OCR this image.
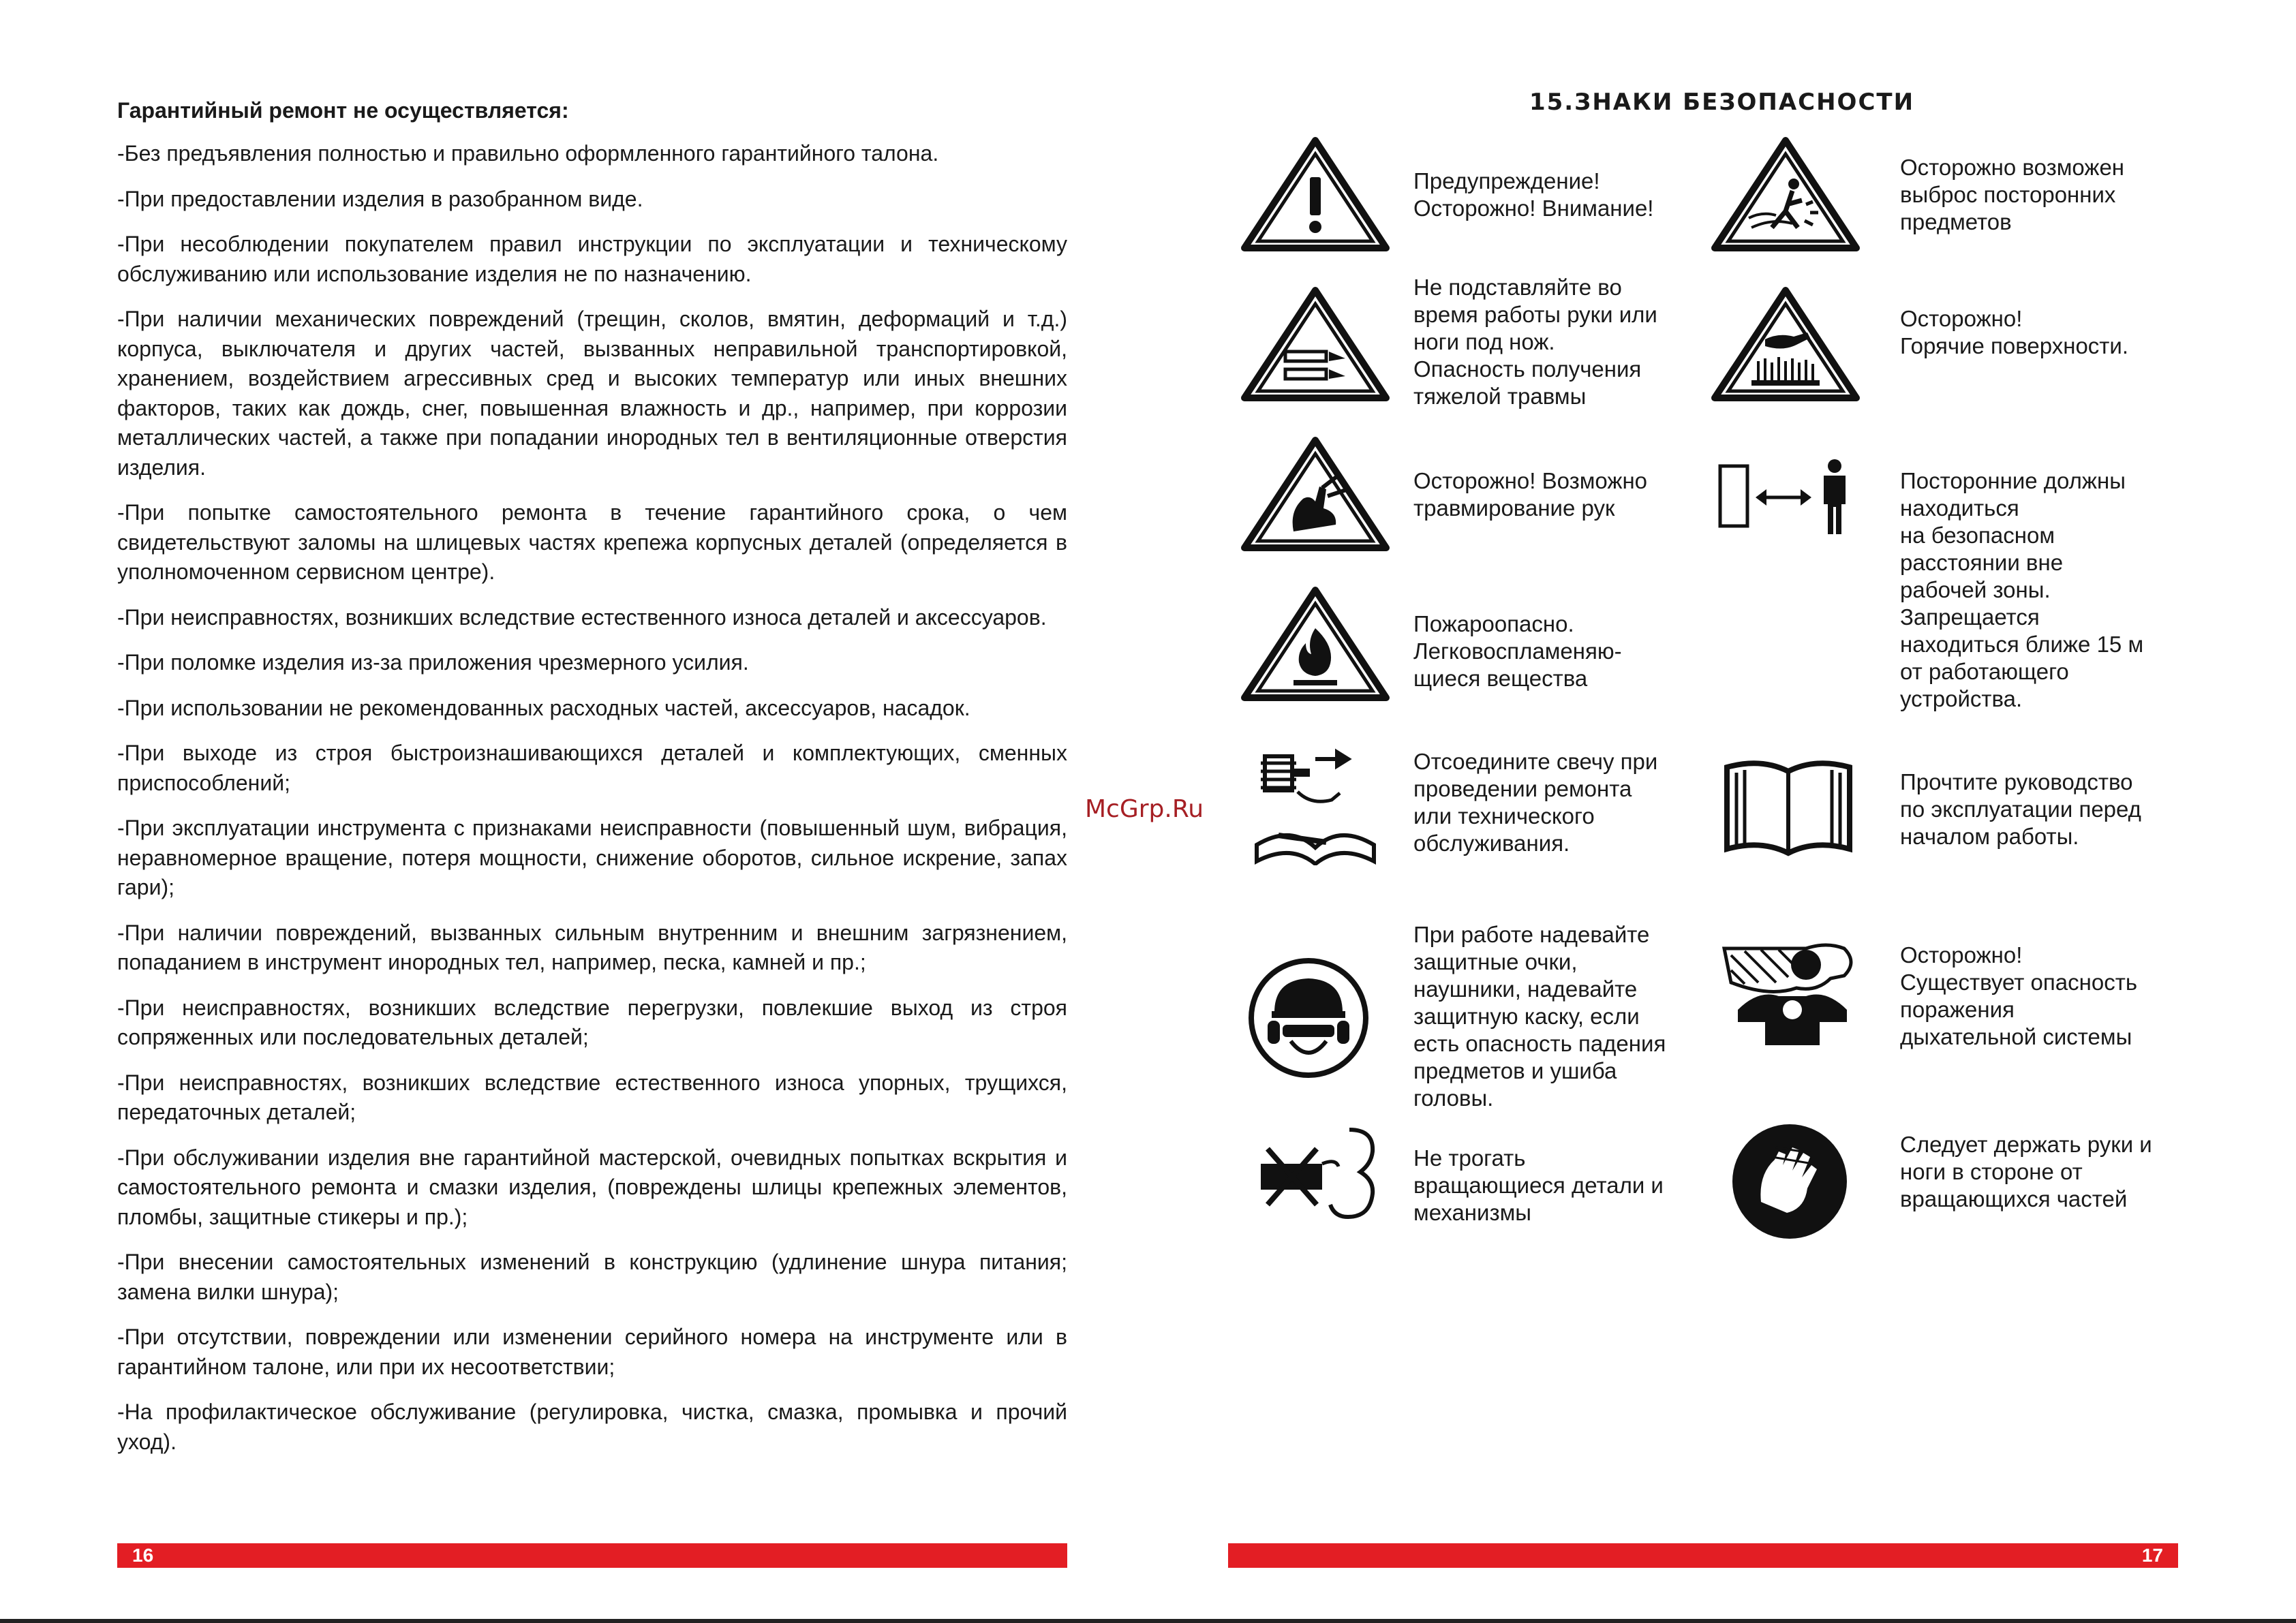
Гарантийный ремонт не осуществляется:
-Без предъявления полностью и правильно оформленного гарантийного талона.
-При предоставлении изделия в разобранном виде.
-При несоблюдении покупателем правил инструкции по эксплуатации и техническому обслуживанию или использование изделия не по назначению.
-При наличии механических повреждений (трещин, сколов, вмятин, деформаций и т.д.) корпуса, выключателя и других частей, вызванных неправильной транспортировкой, хранением, воздействием агрессивных сред и высоких температур или иных внешних факторов, таких как дождь, снег, повышенная влажность и др., например, при коррозии металлических частей, а также при попадании инородных тел в вентиляционные отверстия изделия.
-При попытке самостоятельного ремонта в течение гарантийного срока, о чем свидетельствуют заломы на шлицевых частях крепежа корпусных деталей (определяется в уполномоченном сервисном центре).
-При неисправностях, возникших вследствие естественного износа деталей и аксессуаров.
-При поломке изделия из-за приложения чрезмерного усилия.
-При использовании не рекомендованных расходных частей, аксессуаров, насадок.
-При выходе из строя быстроизнашивающихся деталей и комплектующих, сменных приспособлений;
-При эксплуатации инструмента с признаками неисправности (повышенный шум, вибрация, неравномерное вращение, потеря мощности, снижение оборотов, сильное искрение, запах гари);
-При наличии повреждений, вызванных сильным внутренним и внешним загрязнением, попаданием в инструмент инородных тел, например, песка, камней и пр.;
-При неисправностях, возникших вследствие перегрузки, повлекшие выход из строя сопряженных или последовательных деталей;
-При неисправностях, возникших вследствие естественного износа упорных, трущихся, передаточных деталей;
-При обслуживании изделия вне гарантийной мастерской, очевидных попытках вскрытия и самостоятельного ремонта и смазки изделия, (повреждены шлицы крепежных элементов, пломбы, защитные стикеры и пр.);
-При внесении самостоятельных изменений в конструкцию (удлинение шнура питания; замена вилки шнура);
-При отсутствии, повреждении или изменении серийного номера на инструменте или в гарантийном талоне, или при их несоответствии;
-На профилактическое обслуживание (регулировка, чистка, смазка, промывка и прочий уход).
16
McGrp.Ru
15.ЗНАКИ БЕЗОПАСНОСТИ
Предупреждение!
Осторожно! Внимание!
Не подставляйте во
время работы руки или
ноги под нож.
Опасность получения
тяжелой травмы
Осторожно! Возможно
травмирование рук
Пожароопасно.
Легковоспламеняю-
щиеся вещества
Отсоедините свечу при
проведении ремонта
или технического
обслуживания.
При работе надевайте
защитные очки,
наушники, надевайте
защитную каску, если
есть опасность падения
предметов и ушиба
головы.
Не трогать
вращающиеся детали и
механизмы
Осторожно возможен
выброс посторонних
предметов
Осторожно!
Горячие поверхности.
Посторонние должны
находиться
на безопасном
расстоянии вне
рабочей зоны.
Запрещается
находиться ближе 15 м
от работающего
устройства.
Прочтите руководство
по эксплуатации перед
началом работы.
Осторожно!
Существует опасность
поражения
дыхательной системы
Следует держать руки и
ноги в стороне от
вращающихся частей
17
